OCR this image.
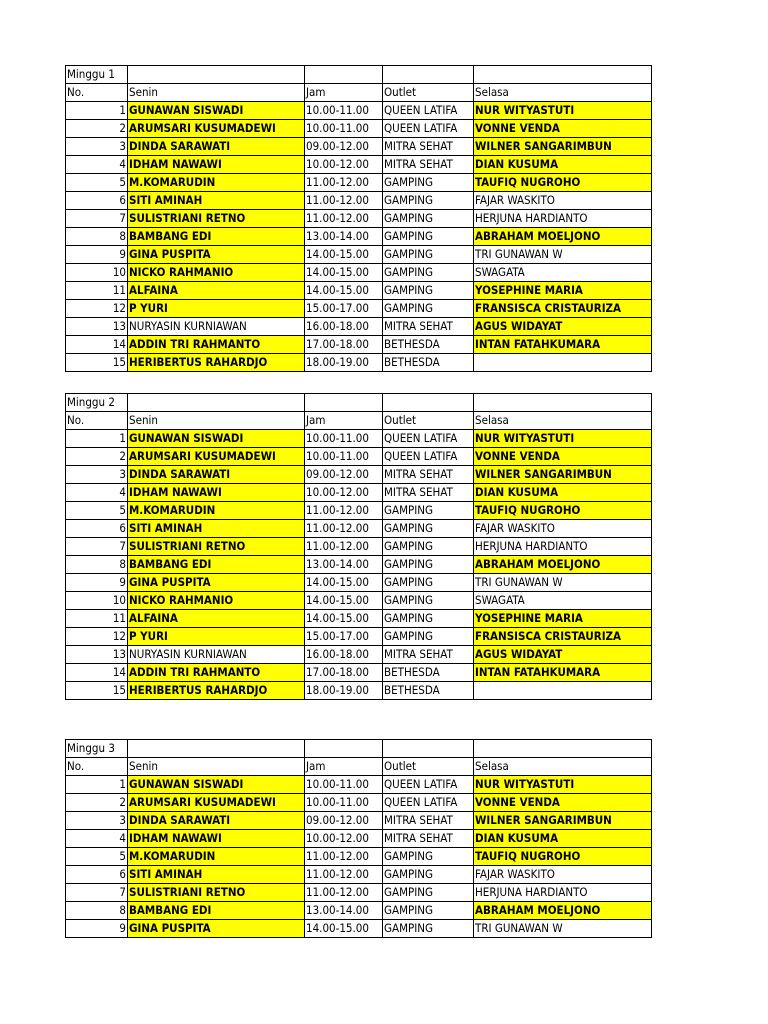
Minggu 1				
No.	Senin	Jam	Outlet	Selasa
1	GUNAWAN SISWADI	10.00-11.00	QUEEN LATIFA	NUR WITYASTUTI
2	ARUMSARI KUSUMADEWI	10.00-11.00	QUEEN LATIFA	VONNE VENDA
3	DINDA SARAWATI	09.00-12.00	MITRA SEHAT	WILNER SANGARIMBUN
4	IDHAM NAWAWI	10.00-12.00	MITRA SEHAT	DIAN KUSUMA
5	M.KOMARUDIN	11.00-12.00	GAMPING	TAUFIQ NUGROHO
6	SITI AMINAH	11.00-12.00	GAMPING	FAJAR WASKITO
7	SULISTRIANI RETNO	11.00-12.00	GAMPING	HERJUNA HARDIANTO
8	BAMBANG EDI	13.00-14.00	GAMPING	ABRAHAM MOELJONO
9	GINA PUSPITA	14.00-15.00	GAMPING	TRI GUNAWAN W
10	NICKO RAHMANIO	14.00-15.00	GAMPING	SWAGATA
11	ALFAINA	14.00-15.00	GAMPING	YOSEPHINE MARIA
12	P YURI	15.00-17.00	GAMPING	FRANSISCA CRISTAURIZA
13	NURYASIN KURNIAWAN	16.00-18.00	MITRA SEHAT	AGUS WIDAYAT
14	ADDIN TRI RAHMANTO	17.00-18.00	BETHESDA	INTAN FATAHKUMARA
15	HERIBERTUS RAHARDJO	18.00-19.00	BETHESDA	
Minggu 2				
No.	Senin	Jam	Outlet	Selasa
1	GUNAWAN SISWADI	10.00-11.00	QUEEN LATIFA	NUR WITYASTUTI
2	ARUMSARI KUSUMADEWI	10.00-11.00	QUEEN LATIFA	VONNE VENDA
3	DINDA SARAWATI	09.00-12.00	MITRA SEHAT	WILNER SANGARIMBUN
4	IDHAM NAWAWI	10.00-12.00	MITRA SEHAT	DIAN KUSUMA
5	M.KOMARUDIN	11.00-12.00	GAMPING	TAUFIQ NUGROHO
6	SITI AMINAH	11.00-12.00	GAMPING	FAJAR WASKITO
7	SULISTRIANI RETNO	11.00-12.00	GAMPING	HERJUNA HARDIANTO
8	BAMBANG EDI	13.00-14.00	GAMPING	ABRAHAM MOELJONO
9	GINA PUSPITA	14.00-15.00	GAMPING	TRI GUNAWAN W
10	NICKO RAHMANIO	14.00-15.00	GAMPING	SWAGATA
11	ALFAINA	14.00-15.00	GAMPING	YOSEPHINE MARIA
12	P YURI	15.00-17.00	GAMPING	FRANSISCA CRISTAURIZA
13	NURYASIN KURNIAWAN	16.00-18.00	MITRA SEHAT	AGUS WIDAYAT
14	ADDIN TRI RAHMANTO	17.00-18.00	BETHESDA	INTAN FATAHKUMARA
15	HERIBERTUS RAHARDJO	18.00-19.00	BETHESDA	
Minggu 3				
No.	Senin	Jam	Outlet	Selasa
1	GUNAWAN SISWADI	10.00-11.00	QUEEN LATIFA	NUR WITYASTUTI
2	ARUMSARI KUSUMADEWI	10.00-11.00	QUEEN LATIFA	VONNE VENDA
3	DINDA SARAWATI	09.00-12.00	MITRA SEHAT	WILNER SANGARIMBUN
4	IDHAM NAWAWI	10.00-12.00	MITRA SEHAT	DIAN KUSUMA
5	M.KOMARUDIN	11.00-12.00	GAMPING	TAUFIQ NUGROHO
6	SITI AMINAH	11.00-12.00	GAMPING	FAJAR WASKITO
7	SULISTRIANI RETNO	11.00-12.00	GAMPING	HERJUNA HARDIANTO
8	BAMBANG EDI	13.00-14.00	GAMPING	ABRAHAM MOELJONO
9	GINA PUSPITA	14.00-15.00	GAMPING	TRI GUNAWAN W
